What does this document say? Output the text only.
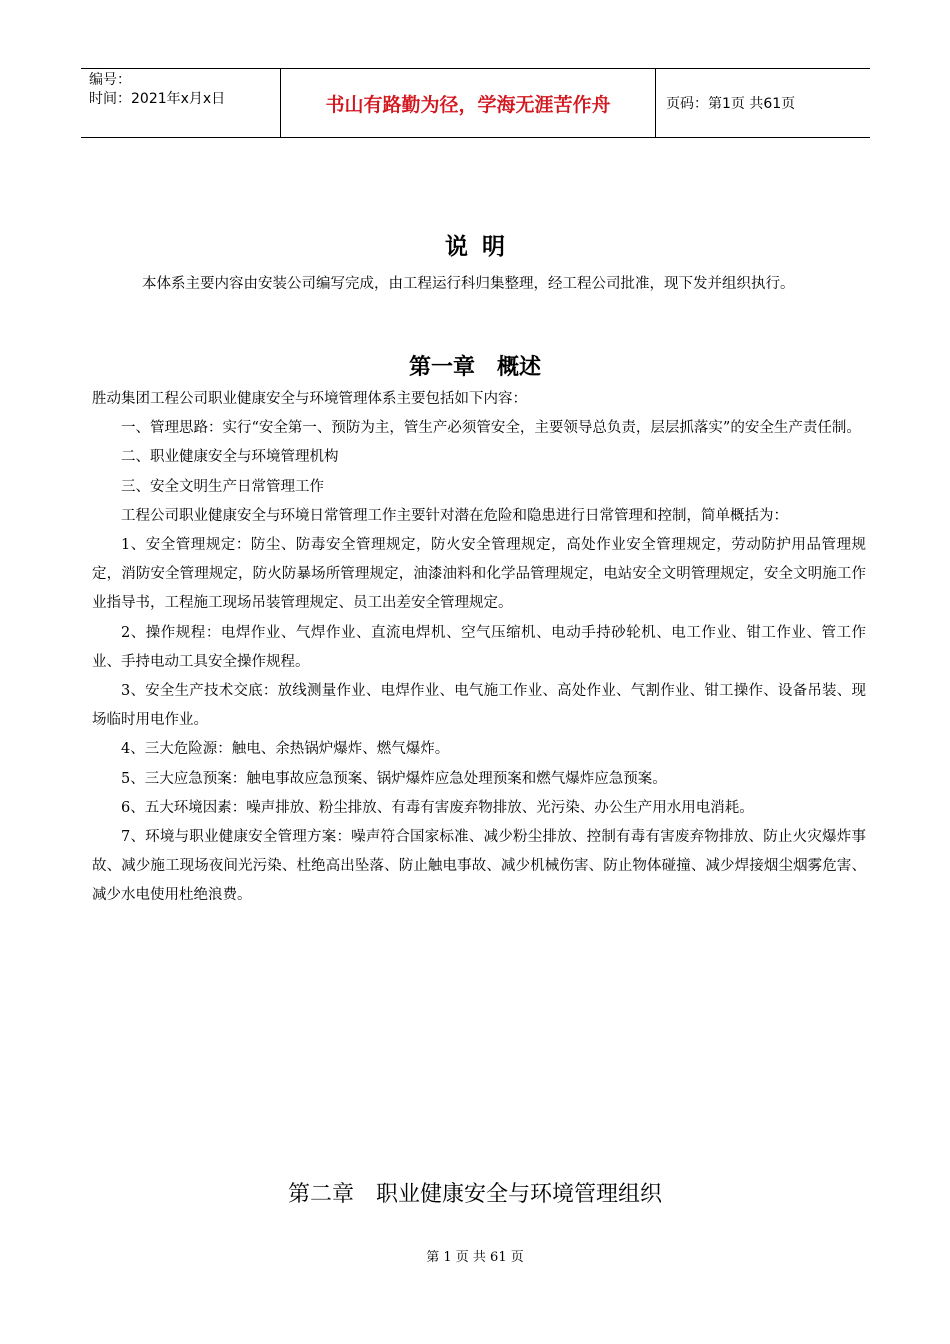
编号：
时间：2021年x月x日	书山有路勤为径，学海无涯苦作舟	页码：第1页 共61页
说明

本体系主要内容由安装公司编写完成，由工程运行科归集整理，经工程公司批准，现下发并组织执行。

第一章　概述

胜动集团工程公司职业健康安全与环境管理体系主要包括如下内容：

一、管理思路：实行“安全第一、预防为主，管生产必须管安全，主要领导总负责，层层抓落实”的安全生产责任制。

二、职业健康安全与环境管理机构

三、安全文明生产日常管理工作

工程公司职业健康安全与环境日常管理工作主要针对潜在危险和隐患进行日常管理和控制，简单概括为：

1、安全管理规定：防尘、防毒安全管理规定，防火安全管理规定，高处作业安全管理规定，劳动防护用品管理规定，消防安全管理规定，防火防暴场所管理规定，油漆油料和化学品管理规定，电站安全文明管理规定，安全文明施工作业指导书，工程施工现场吊装管理规定、员工出差安全管理规定。

2、操作规程：电焊作业、气焊作业、直流电焊机、空气压缩机、电动手持砂轮机、电工作业、钳工作业、管工作业、手持电动工具安全操作规程。

3、安全生产技术交底：放线测量作业、电焊作业、电气施工作业、高处作业、气割作业、钳工操作、设备吊装、现场临时用电作业。

4、三大危险源：触电、余热锅炉爆炸、燃气爆炸。

5、三大应急预案：触电事故应急预案、锅炉爆炸应急处理预案和燃气爆炸应急预案。

6、五大环境因素：噪声排放、粉尘排放、有毒有害废弃物排放、光污染、办公生产用水用电消耗。

7、环境与职业健康安全管理方案：噪声符合国家标准、减少粉尘排放、控制有毒有害废弃物排放、防止火灾爆炸事故、减少施工现场夜间光污染、杜绝高出坠落、防止触电事故、减少机械伤害、防止物体碰撞、减少焊接烟尘烟雾危害、减少水电使用杜绝浪费。

第二章　职业健康安全与环境管理组织
第 1 页 共 61 页
